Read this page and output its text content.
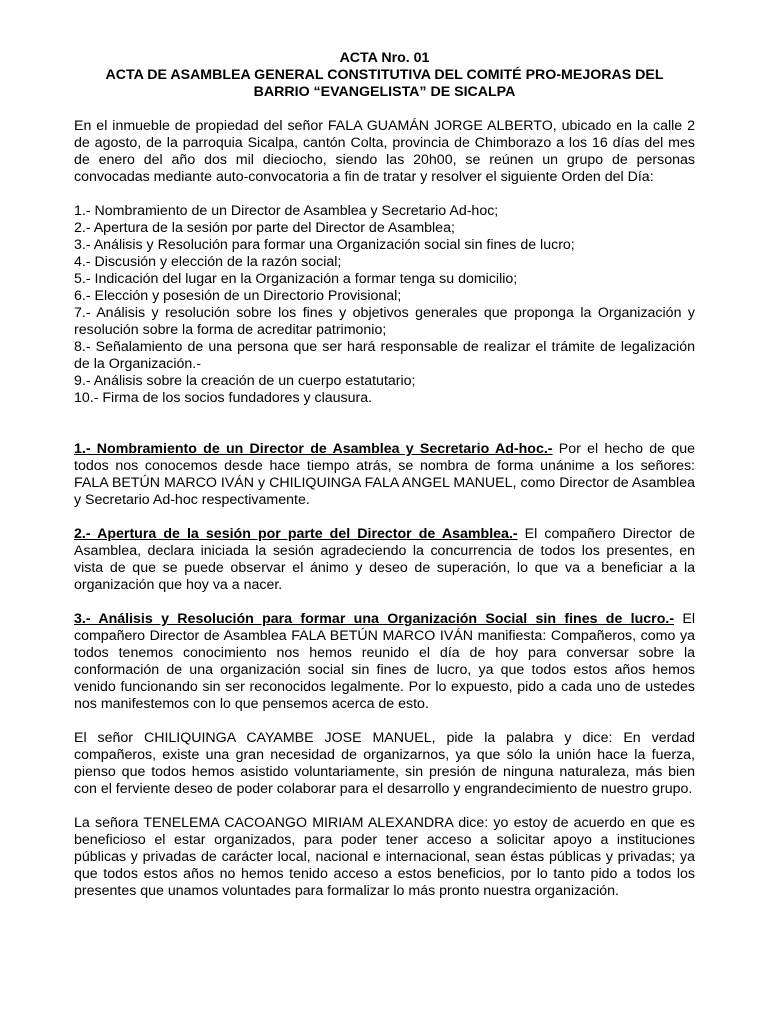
ACTA Nro. 01

ACTA DE ASAMBLEA GENERAL CONSTITUTIVA DEL COMITÉ PRO-MEJORAS DEL

BARRIO “EVANGELISTA” DE SICALPA

En el inmueble de propiedad del señor FALA GUAMÁN JORGE ALBERTO, ubicado en la calle 2 de agosto, de la parroquia Sicalpa, cantón Colta, provincia de Chimborazo a los 16 días del mes de enero del año dos mil dieciocho, siendo las 20h00, se reúnen un grupo de personas convocadas mediante auto-convocatoria a fin de tratar y resolver el siguiente Orden del Día:

1.- Nombramiento de un Director de Asamblea y Secretario Ad-hoc;
2.- Apertura de la sesión por parte del Director de Asamblea;
3.- Análisis y Resolución para formar una Organización social sin fines de lucro;
4.- Discusión y elección de la razón social;
5.- Indicación del lugar en la Organización a formar tenga su domicilio;
6.- Elección y posesión de un Directorio Provisional;
7.- Análisis y resolución sobre los fines y objetivos generales que proponga la Organización y resolución sobre la forma de acreditar patrimonio;
8.- Señalamiento de una persona que ser hará responsable de realizar el trámite de legalización de la Organización.-
9.- Análisis sobre la creación de un cuerpo estatutario;
10.- Firma de los socios fundadores y clausura.

1.- Nombramiento de un Director de Asamblea y Secretario Ad-hoc.- Por el hecho de que todos nos conocemos desde hace tiempo atrás, se nombra de forma unánime a los señores: FALA BETÚN MARCO IVÁN y CHILIQUINGA FALA ANGEL MANUEL, como Director de Asamblea y Secretario Ad-hoc respectivamente.

2.- Apertura de la sesión por parte del Director de Asamblea.- El compañero Director de Asamblea, declara iniciada la sesión agradeciendo la concurrencia de todos los presentes, en vista de que se puede observar el ánimo y deseo de superación, lo que va a beneficiar a la organización que hoy va a nacer.

3.- Análisis y Resolución para formar una Organización Social sin fines de lucro.- El compañero Director de Asamblea FALA BETÚN MARCO IVÁN manifiesta: Compañeros, como ya todos tenemos conocimiento nos hemos reunido el día de hoy para conversar sobre la conformación de una organización social sin fines de lucro, ya que todos estos años hemos venido funcionando sin ser reconocidos legalmente. Por lo expuesto, pido a cada uno de ustedes nos manifestemos con lo que pensemos acerca de esto.

El señor CHILIQUINGA CAYAMBE JOSE MANUEL, pide la palabra y dice: En verdad compañeros, existe una gran necesidad de organizarnos, ya que sólo la unión hace la fuerza, pienso que todos hemos asistido voluntariamente, sin presión de ninguna naturaleza, más bien con el ferviente deseo de poder colaborar para el desarrollo y engrandecimiento de nuestro grupo.

La señora TENELEMA CACOANGO MIRIAM ALEXANDRA dice: yo estoy de acuerdo en que es beneficioso el estar organizados, para poder tener acceso a solicitar apoyo a instituciones públicas y privadas de carácter local, nacional e internacional, sean éstas públicas y privadas; ya que todos estos años no hemos tenido acceso a estos beneficios, por lo tanto pido a todos los presentes que unamos voluntades para formalizar lo más pronto nuestra organización.
